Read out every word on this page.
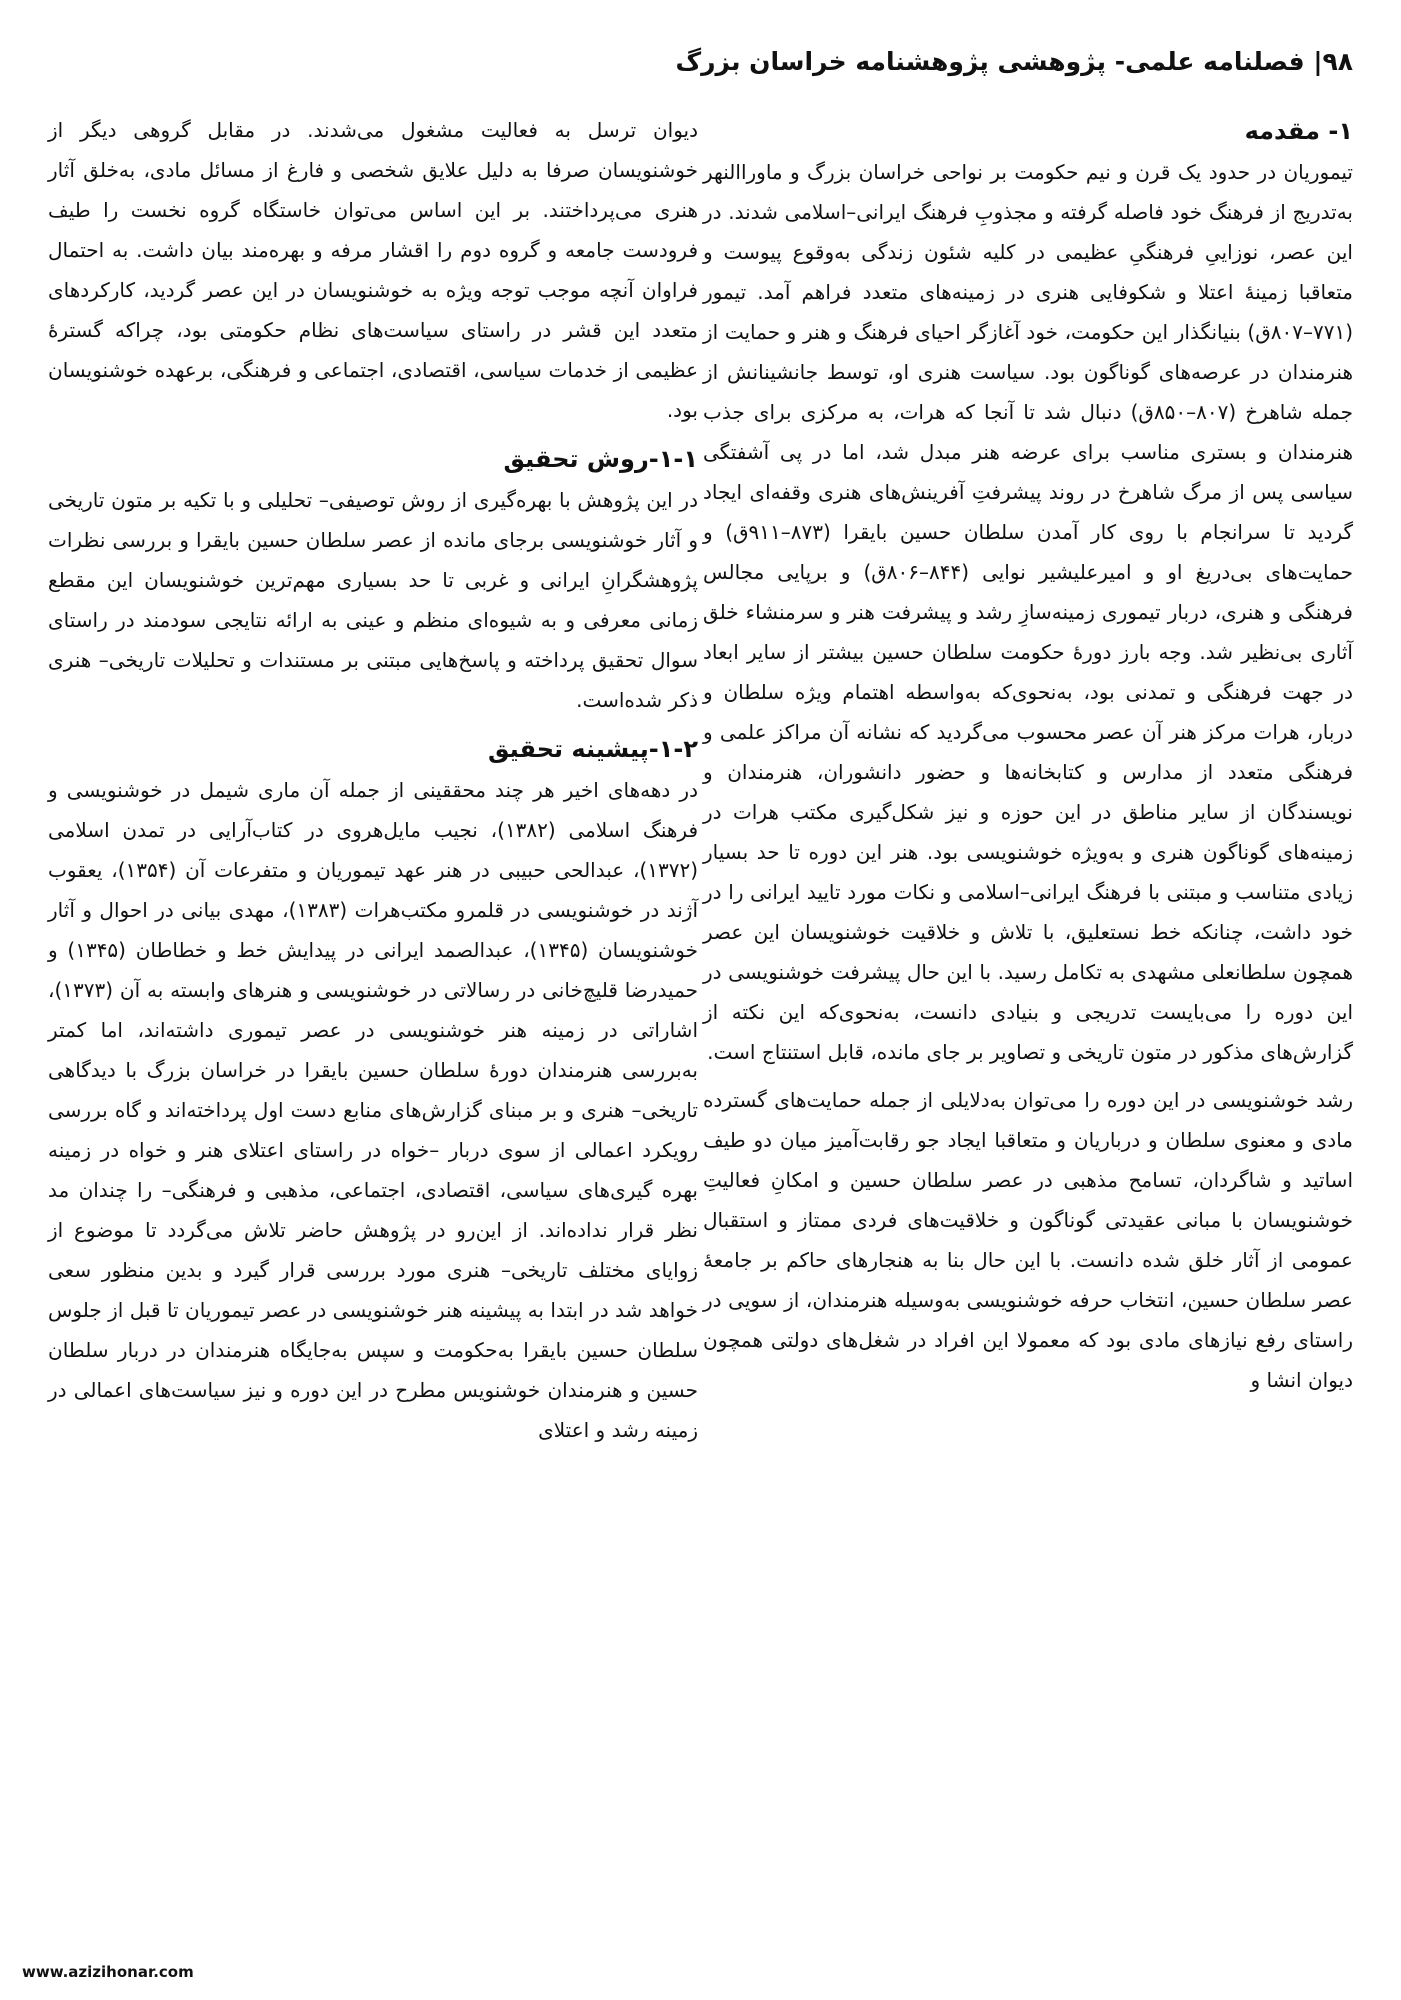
۹۸| فصلنامه علمی- پژوهشی پژوهشنامه خراسان بزرگ
۱- مقدمه

تیموریان در حدود یک قرن و نیم حکومت بر نواحی خراسان بزرگ و ماوراالنهر به‌تدریج از فرهنگ خود فاصله گرفته و مجذوبِ فرهنگ ایرانی–اسلامی شدند. در این عصر، نوزاییِ فرهنگیِ عظیمی در کلیه شئون زندگی به‌وقوع پیوست و متعاقبا زمینهٔ اعتلا و شکوفایی هنری در زمینه‌های متعدد فراهم آمد. تیمور (۷۷۱–۸۰۷ق) بنیانگذار این حکومت، خود آغازگر احیای فرهنگ و هنر و حمایت از هنرمندان در عرصه‌های گوناگون بود. سیاست هنری او، توسط جانشینانش از جمله شاهرخ (۸۰۷–۸۵۰ق) دنبال شد تا آنجا که هرات، به مرکزی برای جذب هنرمندان و بستری مناسب برای عرضه هنر مبدل شد، اما در پی آشفتگی سیاسی پس از مرگ شاهرخ در روند پیشرفتِ آفرینش‌های هنری وقفه‌ای ایجاد گردید تا سرانجام با روی کار آمدن سلطان حسین بایقرا (۸۷۳–۹۱۱ق) و حمایت‌های بی‌دریغ او و امیرعلیشیر نوایی (۸۴۴–۸۰۶ق) و برپایی مجالس فرهنگی و هنری، دربار تیموری زمینه‌سازِ رشد و پیشرفت هنر و سرمنشاء خلق آثاری بی‌نظیر شد. وجه بارز دورهٔ حکومت سلطان حسین بیشتر از سایر ابعاد در جهت فرهنگی و تمدنی بود، به‌نحوی‌که به‌واسطه اهتمام ویژه سلطان و دربار، هرات مرکز هنر آن عصر محسوب می‌گردید که نشانه آن مراکز علمی و فرهنگی متعدد از مدارس و کتابخانه‌ها و حضور دانشوران، هنرمندان و نویسندگان از سایر مناطق در این حوزه و نیز شکل‌گیری مکتب هرات در زمینه‌های گوناگون هنری و به‌ویژه خوشنویسی بود. هنر این دوره تا حد بسیار زیادی متناسب و مبتنی با فرهنگ ایرانی–اسلامی و نکات مورد تایید ایرانی را در خود داشت، چنانکه خط نستعلیق، با تلاش و خلاقیت خوشنویسان این عصر همچون سلطانعلی مشهدی به تکامل رسید. با این حال پیشرفت خوشنویسی در این دوره را می‌بایست تدریجی و بنیادی دانست، به‌نحوی‌که این نکته از گزارش‌های مذکور در متون تاریخی و تصاویر بر جای مانده، قابل استنتاج است.

رشد خوشنویسی در این دوره را می‌توان به‌دلایلی از جمله حمایت‌های گسترده مادی و معنوی سلطان و درباریان و متعاقبا ایجاد جو رقابت‌آمیز میان دو طیف اساتید و شاگردان، تسامح مذهبی در عصر سلطان حسین و امکانِ فعالیتِ خوشنویسان با مبانی عقیدتی گوناگون و خلاقیت‌های فردی ممتاز و استقبال عمومی از آثار خلق شده دانست. با این حال بنا به هنجارهای حاکم بر جامعهٔ عصر سلطان حسین، انتخاب حرفه خوشنویسی به‌وسیله هنرمندان، از سویی در راستای رفع نیازهای مادی بود که معمولا این افراد در شغل‌های دولتی همچون دیوان انشا و

دیوان ترسل به فعالیت مشغول می‌شدند. در مقابل گروهی دیگر از خوشنویسان صرفا به دلیل علایق شخصی و فارغ از مسائل مادی، به‌خلق آثار هنری می‌پرداختند. بر این اساس می‌توان خاستگاه گروه نخست را طیف فرودست جامعه و گروه دوم را اقشار مرفه و بهره‌مند بیان داشت. به احتمال فراوان آنچه موجب توجه ویژه به خوشنویسان در این عصر گردید، کارکردهای متعدد این قشر در راستای سیاست‌های نظام حکومتی بود، چراکه گسترهٔ عظیمی از خدمات سیاسی، اقتصادی، اجتماعی و فرهنگی، برعهده خوشنویسان بود.

۱-۱-روش تحقیق

در این پژوهش با بهره‌گیری از روش توصیفی– تحلیلی و با تکیه بر متون تاریخی و آثار خوشنویسی برجای مانده از عصر سلطان حسین بایقرا و بررسی نظرات پژوهشگرانِ ایرانی و غربی تا حد بسیاری مهم‌ترین خوشنویسان این مقطع زمانی معرفی و به شیوه‌ای منظم و عینی به ارائه نتایجی سودمند در راستای سوال تحقیق پرداخته و پاسخ‌هایی مبتنی بر مستندات و تحلیلات تاریخی– هنری ذکر شده‌است.

۱-۲-پیشینه تحقیق

در دهه‌های اخیر هر چند محققینی از جمله آن ماری شیمل در خوشنویسی و فرهنگ اسلامی (۱۳۸۲)، نجیب مایل‌هروی در کتاب‌آرایی در تمدن اسلامی (۱۳۷۲)، عبدالحی حبیبی در هنر عهد تیموریان و متفرعات آن (۱۳۵۴)، یعقوب آژند در خوشنویسی در قلمرو مکتب‌هرات (۱۳۸۳)، مهدی بیانی در احوال و آثار خوشنویسان (۱۳۴۵)، عبدالصمد ایرانی در پیدایش خط و خطاطان (۱۳۴۵) و حمیدرضا قلیچ‌خانی در رسالاتی در خوشنویسی و هنرهای وابسته به آن (۱۳۷۳)، اشاراتی در زمینه هنر خوشنویسی در عصر تیموری داشته‌اند، اما کمتر به‌بررسی هنرمندان دورهٔ سلطان حسین بایقرا در خراسان بزرگ با دیدگاهی تاریخی– هنری و بر مبنای گزارش‌های منابع دست اول پرداخته‌اند و گاه بررسی رویکرد اعمالی از سوی دربار –خواه در راستای اعتلای هنر و خواه در زمینه بهره گیری‌های سیاسی، اقتصادی، اجتماعی، مذهبی و فرهنگی– را چندان مد نظر قرار نداده‌اند. از این‌رو در پژوهش حاضر تلاش می‌گردد تا موضوع از زوایای مختلف تاریخی– هنری مورد بررسی قرار گیرد و بدین منظور سعی خواهد شد در ابتدا به پیشینه هنر خوشنویسی در عصر تیموریان تا قبل از جلوس سلطان حسین بایقرا به‌حکومت و سپس به‌جایگاه هنرمندان در دربار سلطان حسین و هنرمندان خوشنویس مطرح در این دوره و نیز سیاست‌های اعمالی در زمینه رشد و اعتلای

www.azizihonar.com
